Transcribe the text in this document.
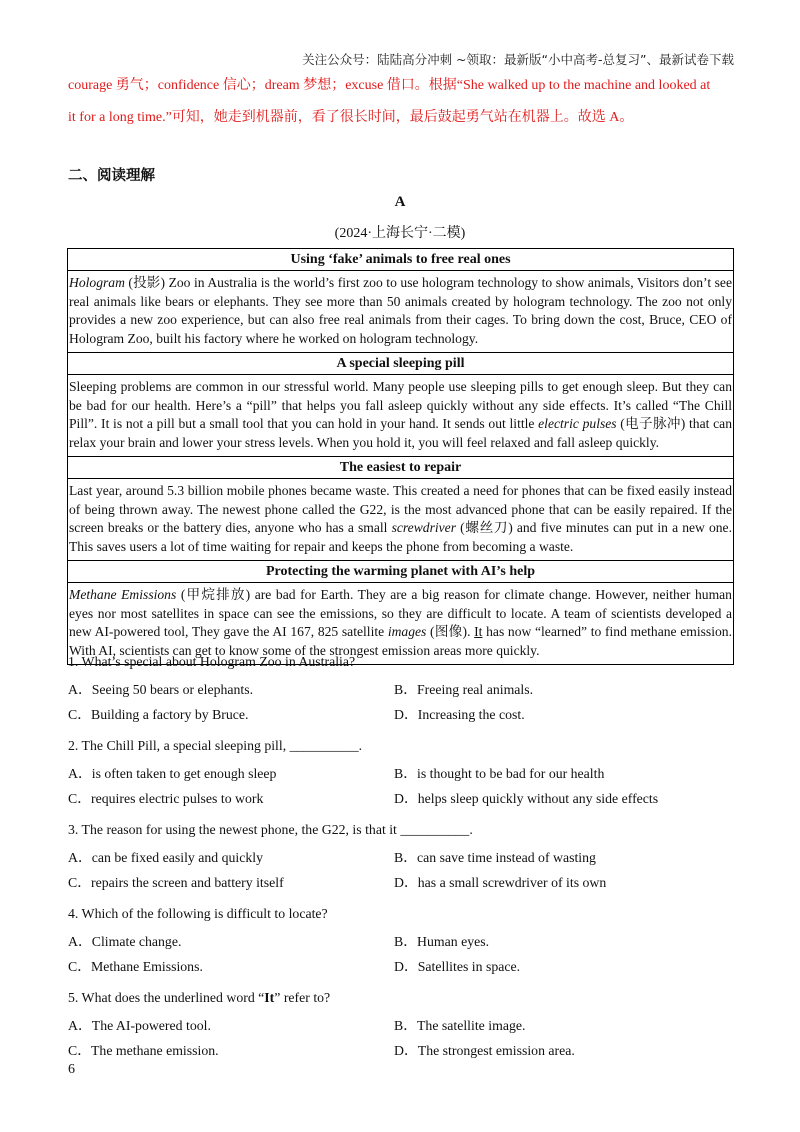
关注公众号：陆陆高分冲刺 ~领取：最新版“小中高考-总复习”、最新试卷下载
courage 勇气；confidence 信心；dream 梦想；excuse 借口。根据“She walked up to the machine and looked at
it for a long time.”可知，她走到机器前，看了很长时间，最后鼓起勇气站在机器上。故选 A。
二、阅读理解
A
(2024·上海长宁·二模)
Using ‘fake’ animals to free real ones
Hologram (投影) Zoo in Australia is the world’s first zoo to use hologram technology to show animals, Visitors don’t see real animals like bears or elephants. They see more than 50 animals created by hologram technology. The zoo not only provides a new zoo experience, but can also free real animals from their cages. To bring down the cost, Bruce, CEO of Hologram Zoo, built his factory where he worked on hologram technology.
A special sleeping pill
Sleeping problems are common in our stressful world. Many people use sleeping pills to get enough sleep. But they can be bad for our health. Here’s a “pill” that helps you fall asleep quickly without any side effects. It’s called “The Chill Pill”. It is not a pill but a small tool that you can hold in your hand. It sends out little electric pulses (电子脉冲) that can relax your brain and lower your stress levels. When you hold it, you will feel relaxed and fall asleep quickly.
The easiest to repair
Last year, around 5.3 billion mobile phones became waste. This created a need for phones that can be fixed easily instead of being thrown away. The newest phone called the G22, is the most advanced phone that can be easily repaired. If the screen breaks or the battery dies, anyone who has a small screwdriver (螺丝刀) and five minutes can put in a new one. This saves users a lot of time waiting for repair and keeps the phone from becoming a waste.
Protecting the warming planet with AI’s help
Methane Emissions (甲烷排放) are bad for Earth. They are a big reason for climate change. However, neither human eyes nor most satellites in space can see the emissions, so they are difficult to locate. A team of scientists developed a new AI-powered tool, They gave the AI 167, 825 satellite images (图像). It has now “learned” to find methane emission. With AI, scientists can get to know some of the strongest emission areas more quickly.
1. What’s special about Hologram Zoo in Australia?
A．Seeing 50 bears or elephants.	B．Freeing real animals.
C．Building a factory by Bruce.	D．Increasing the cost.
2. The Chill Pill, a special sleeping pill, __________.
A．is often taken to get enough sleep	B．is thought to be bad for our health
C．requires electric pulses to work	D．helps sleep quickly without any side effects
3. The reason for using the newest phone, the G22, is that it __________.
A．can be fixed easily and quickly	B．can save time instead of wasting
C．repairs the screen and battery itself	D．has a small screwdriver of its own
4. Which of the following is difficult to locate?
A．Climate change.	B．Human eyes.
C．Methane Emissions.	D．Satellites in space.
5. What does the underlined word “It” refer to?
A．The AI-powered tool.	B．The satellite image.
C．The methane emission.	D．The strongest emission area.
6
